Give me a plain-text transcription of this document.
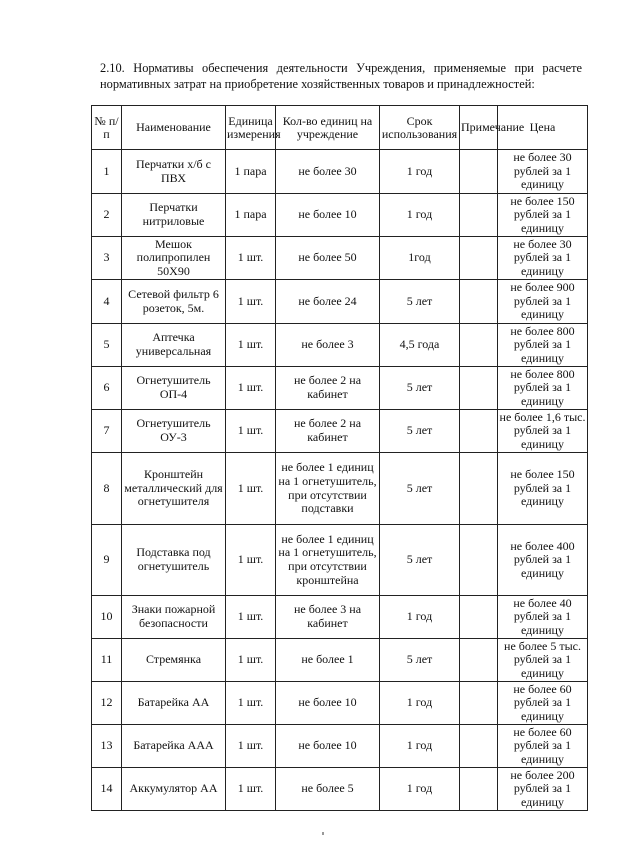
2.10. Нормативы обеспечения деятельности Учреждения, применяемые при расчете нормативных затрат на приобретение хозяйственных товаров и принадлежностей:
№ п/п	Наименование	Единица измерения	Кол-во единиц на учреждение	Срок использования	Примечание	Цена
1	Перчатки х/б с ПВХ	1 пара	не более 30	1 год		не более 30 рублей за 1 единицу
2	Перчатки нитриловые	1 пара	не более 10	1 год		не более 150 рублей за 1 единицу
3	Мешок полипропилен 50Х90	1 шт.	не более 50	1год		не более 30 рублей за 1 единицу
4	Сетевой фильтр 6 розеток, 5м.	1 шт.	не более 24	5 лет		не более 900 рублей за 1 единицу
5	Аптечка универсальная	1 шт.	не более 3	4,5 года		не более 800 рублей за 1 единицу
6	Огнетушитель ОП-4	1 шт.	не более 2 на кабинет	5 лет		не более 800 рублей за 1 единицу
7	Огнетушитель ОУ-3	1 шт.	не более 2 на кабинет	5 лет		не более 1,6 тыс. рублей за 1 единицу
8	Кронштейн металлический для огнетушителя	1 шт.	не более 1 единиц на 1 огнетушитель, при отсутствии подставки	5 лет		не более 150 рублей за 1 единицу
9	Подставка под огнетушитель	1 шт.	не более 1 единиц на 1 огнетушитель, при отсутствии кронштейна	5 лет		не более 400 рублей за 1 единицу
10	Знаки пожарной безопасности	1 шт.	не более 3 на кабинет	1 год		не более 40 рублей за 1 единицу
11	Стремянка	1 шт.	не более 1	5 лет		не более 5 тыс. рублей за 1 единицу
12	Батарейка АА	1 шт.	не более 10	1 год		не более 60 рублей за 1 единицу
13	Батарейка ААА	1 шт.	не более 10	1 год		не более 60 рублей за 1 единицу
14	Аккумулятор АА	1 шт.	не более 5	1 год		не более 200 рублей за 1 единицу
